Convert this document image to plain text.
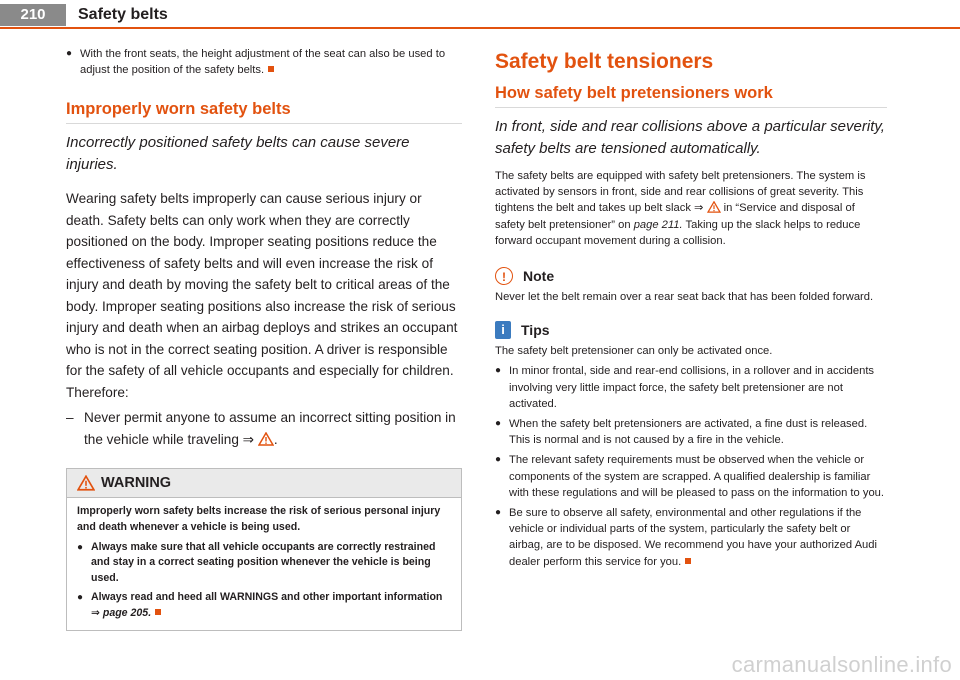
210	Safety belts
● With the front seats, the height adjustment of the seat can also be used to adjust the position of the safety belts.
Improperly worn safety belts

Incorrectly positioned safety belts can cause severe injuries.

Wearing safety belts improperly can cause serious injury or death. Safety belts can only work when they are correctly positioned on the body. Improper seating positions reduce the effectiveness of safety belts and will even increase the risk of injury and death by moving the safety belt to critical areas of the body. Improper seating positions also increase the risk of serious injury and death when an airbag deploys and strikes an occupant who is not in the correct seating position. A driver is responsible for the safety of all vehicle occupants and especially for children. Therefore:

– Never permit anyone to assume an incorrect sitting position in the vehicle while traveling ⇒ .
WARNING

Improperly worn safety belts increase the risk of serious personal injury and death whenever a vehicle is being used.

● Always make sure that all vehicle occupants are correctly restrained and stay in a correct seating position whenever the vehicle is being used.
● Always read and heed all WARNINGS and other important information ⇒ page 205.
Safety belt tensioners
How safety belt pretensioners work

In front, side and rear collisions above a particular severity, safety belts are tensioned automatically.

The safety belts are equipped with safety belt pretensioners. The system is activated by sensors in front, side and rear collisions of great severity. This tightens the belt and takes up belt slack ⇒ in “Service and disposal of safety belt pretensioner” on page 211. Taking up the slack helps to reduce forward occupant movement during a collision.

!	Note

Never let the belt remain over a rear seat back that has been folded forward.

i	Tips

The safety belt pretensioner can only be activated once.

● In minor frontal, side and rear-end collisions, in a rollover and in accidents involving very little impact force, the safety belt pretensioner are not activated.
● When the safety belt pretensioners are activated, a fine dust is released. This is normal and is not caused by a fire in the vehicle.
● The relevant safety requirements must be observed when the vehicle or components of the system are scrapped. A qualified dealership is familiar with these regulations and will be pleased to pass on the information to you.
● Be sure to observe all safety, environmental and other regulations if the vehicle or individual parts of the system, particularly the safety belt or airbag, are to be disposed. We recommend you have your authorized Audi dealer perform this service for you.
carmanualsonline.info
